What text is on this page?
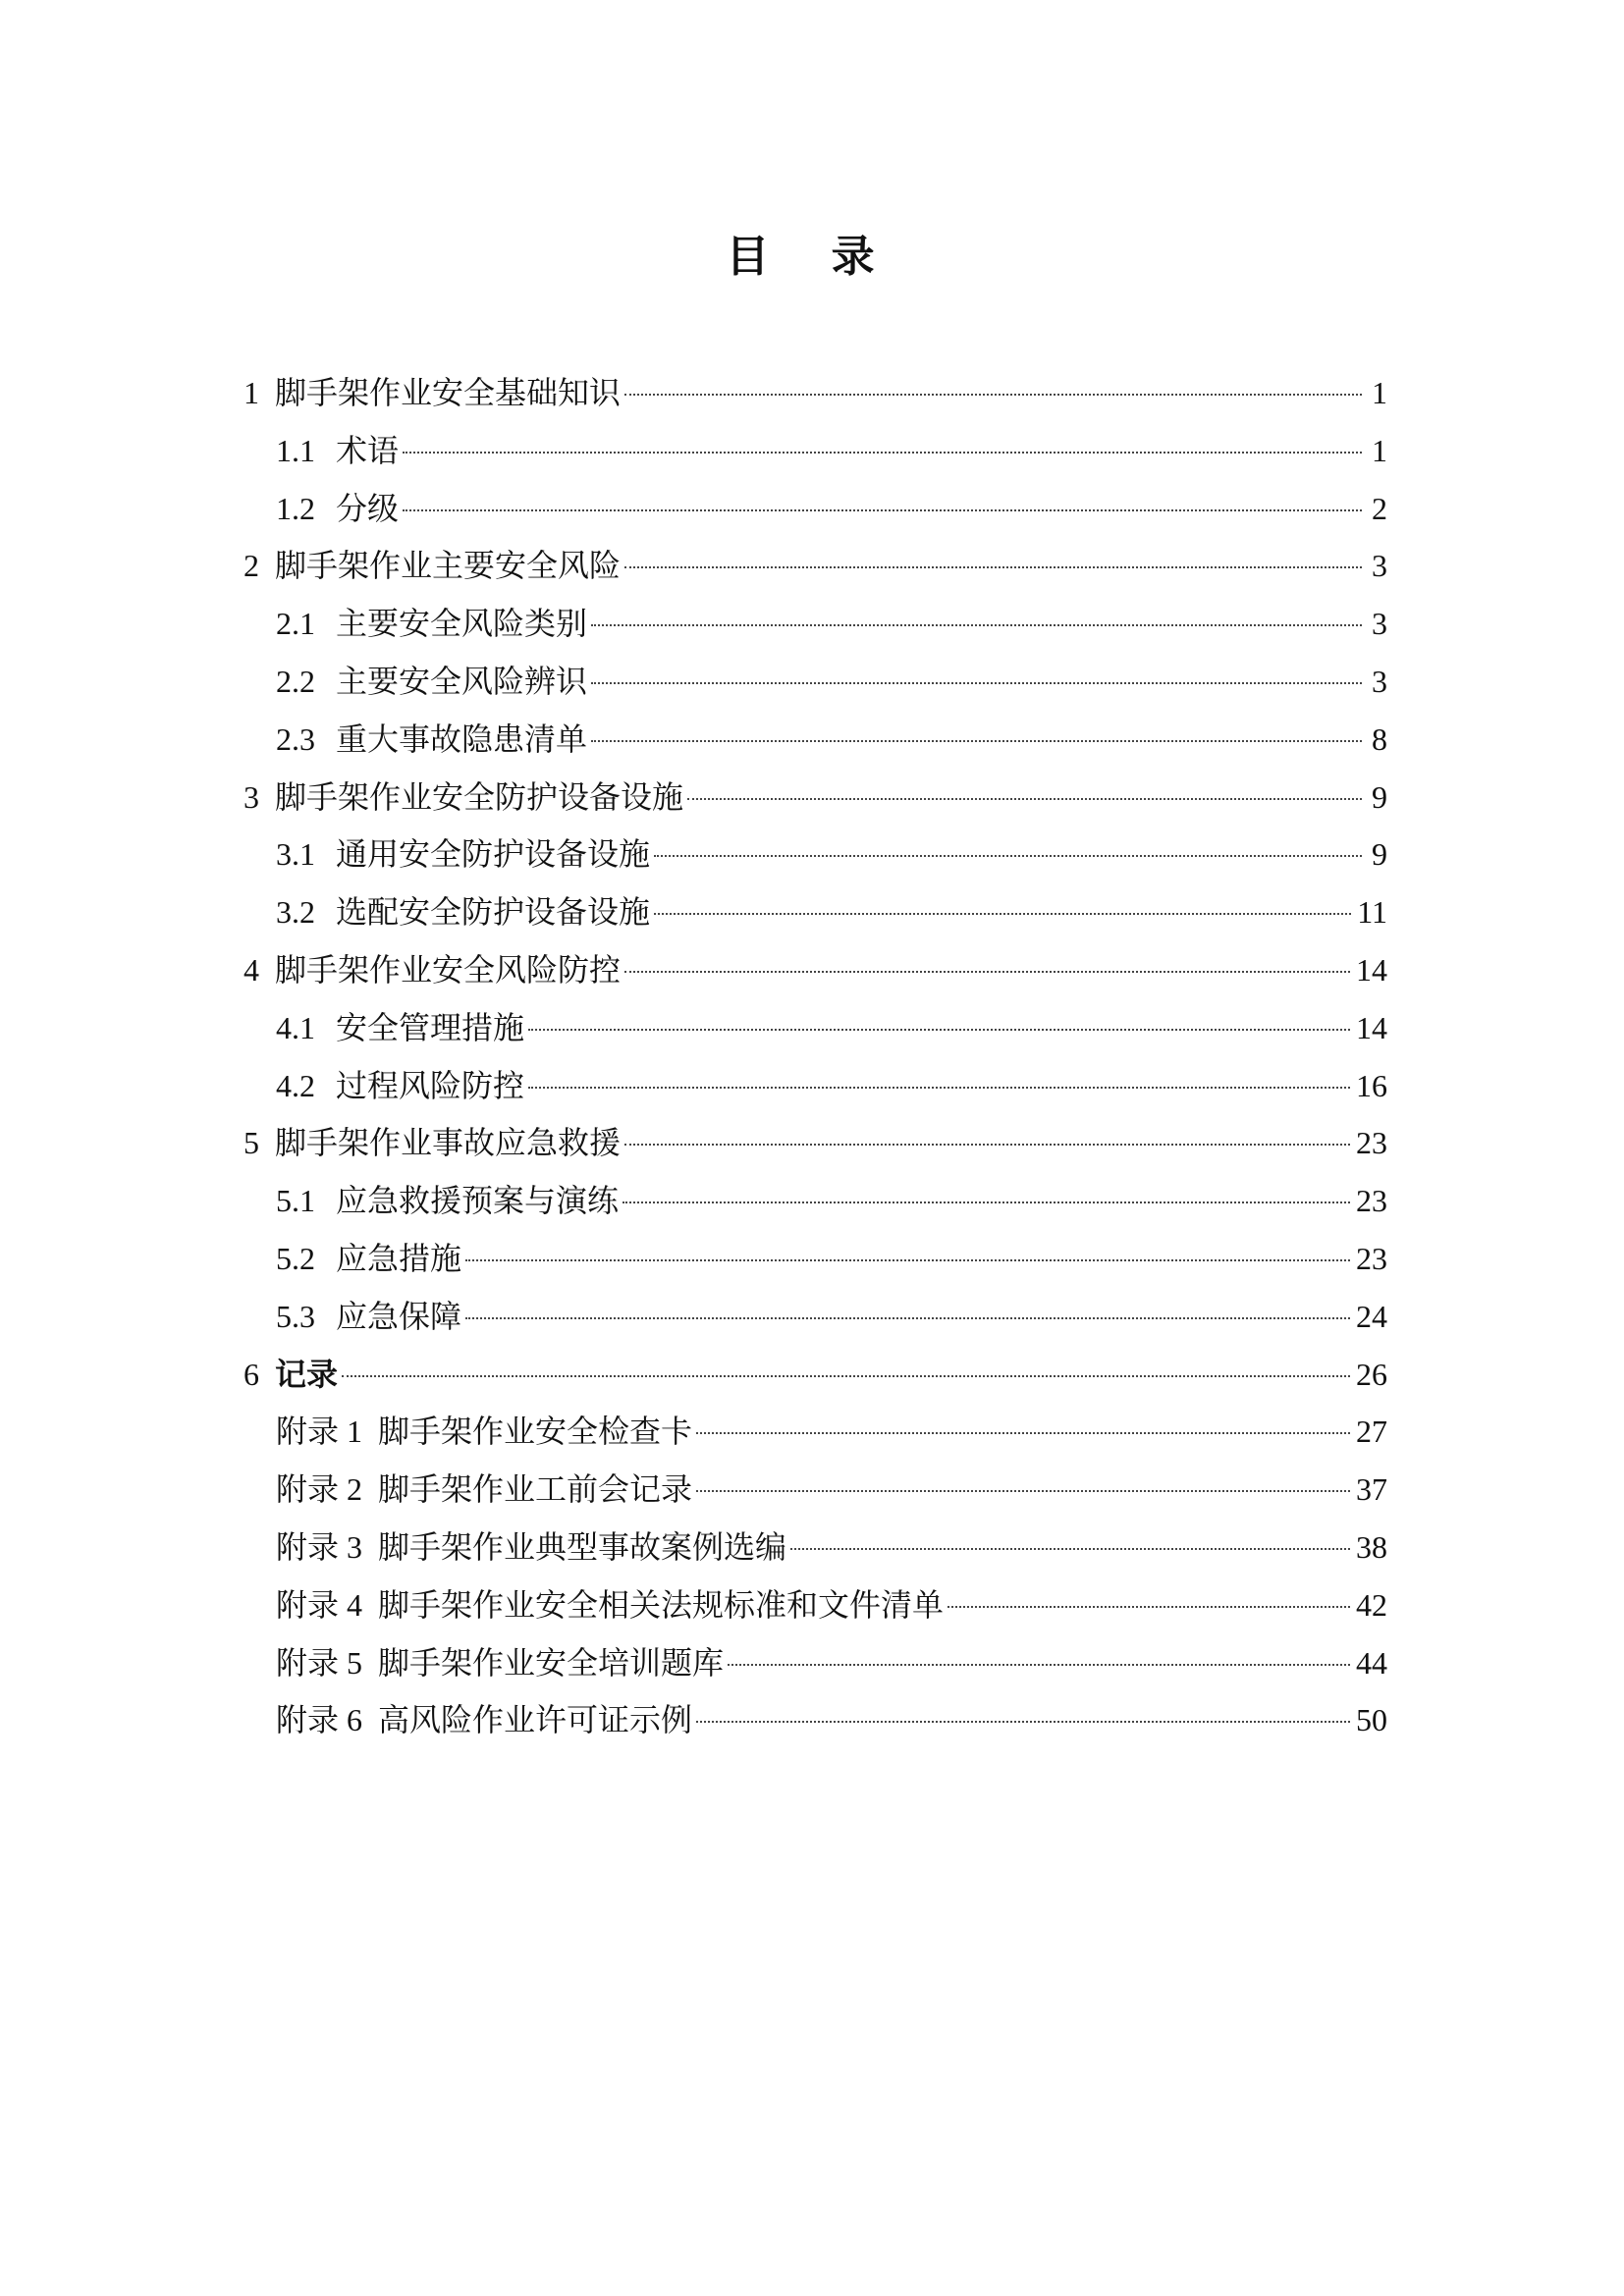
目 录
1 脚手架作业安全基础知识	1
1.1 术语	1
1.2 分级	2
2 脚手架作业主要安全风险	3
2.1 主要安全风险类别	3
2.2 主要安全风险辨识	3
2.3 重大事故隐患清单	8
3 脚手架作业安全防护设备设施	9
3.1 通用安全防护设备设施	9
3.2 选配安全防护设备设施	11
4 脚手架作业安全风险防控	14
4.1 安全管理措施	14
4.2 过程风险防控	16
5 脚手架作业事故应急救援	23
5.1 应急救援预案与演练	23
5.2 应急措施	23
5.3 应急保障	24
6 记录	26
附录 1 脚手架作业安全检查卡	27
附录 2 脚手架作业工前会记录	37
附录 3 脚手架作业典型事故案例选编	38
附录 4 脚手架作业安全相关法规标准和文件清单	42
附录 5 脚手架作业安全培训题库	44
附录 6 高风险作业许可证示例	50
